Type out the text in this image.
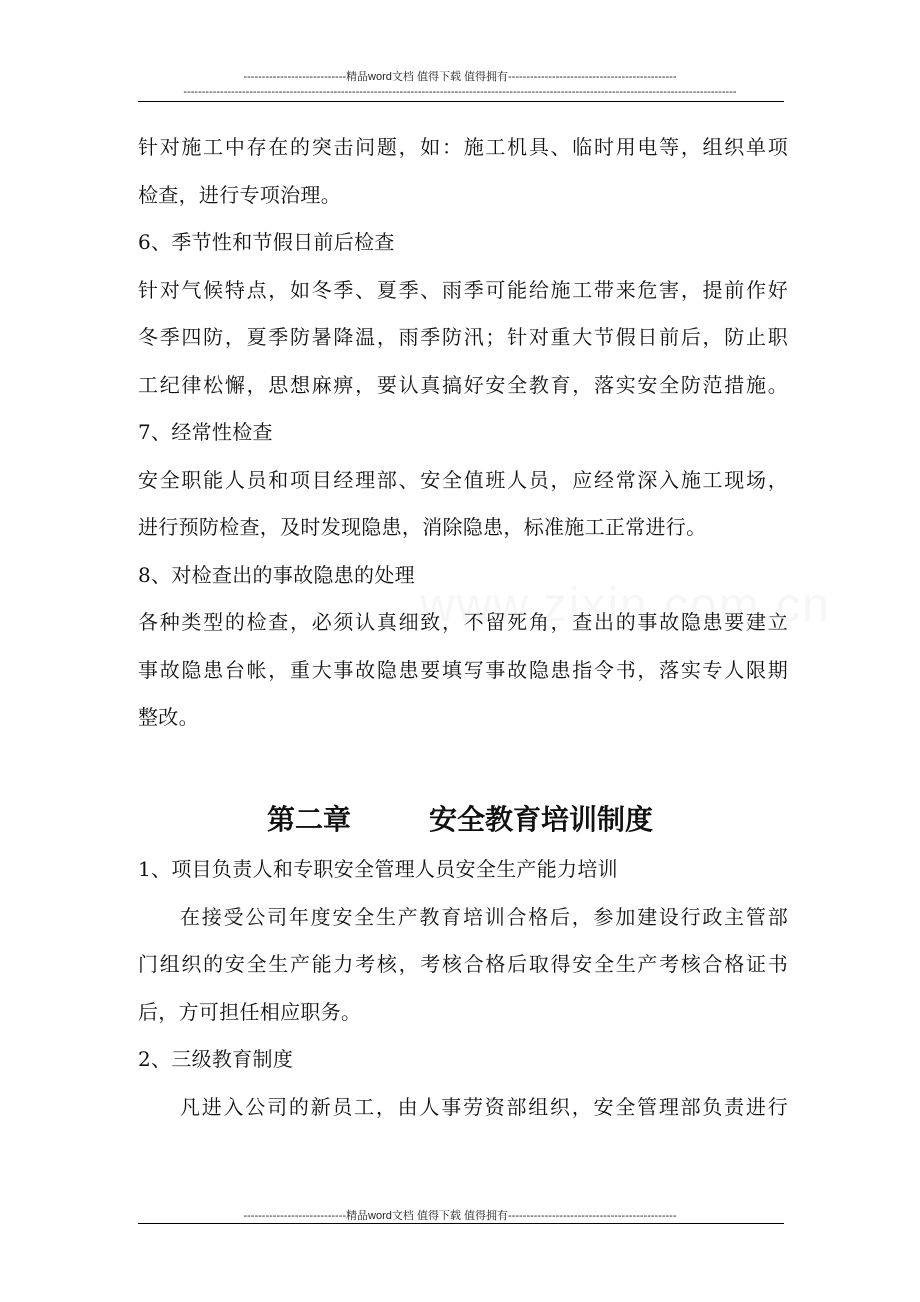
----------------------------精品word文档 值得下载 值得拥有----------------------------------------------
-------------------------------------------------------------------------------------------------------------------------------------------------------
针对施工中存在的突击问题，如：施工机具、临时用电等，组织单项
检查，进行专项治理。
6、季节性和节假日前后检查
针对气候特点，如冬季、夏季、雨季可能给施工带来危害，提前作好
冬季四防，夏季防暑降温，雨季防汛；针对重大节假日前后，防止职
工纪律松懈，思想麻痹，要认真搞好安全教育，落实安全防范措施。
7、经常性检查
安全职能人员和项目经理部、安全值班人员，应经常深入施工现场，
进行预防检查，及时发现隐患，消除隐患，标准施工正常进行。
8、对检查出的事故隐患的处理
各种类型的检查，必须认真细致，不留死角，查出的事故隐患要建立
事故隐患台帐，重大事故隐患要填写事故隐患指令书，落实专人限期
整改。
第二章        安全教育培训制度
1、项目负责人和专职安全管理人员安全生产能力培训
在接受公司年度安全生产教育培训合格后，参加建设行政主管部
门组织的安全生产能力考核，考核合格后取得安全生产考核合格证书
后，方可担任相应职务。
2、三级教育制度
凡进入公司的新员工，由人事劳资部组织，安全管理部负责进行
----------------------------精品word文档 值得下载 值得拥有----------------------------------------------
